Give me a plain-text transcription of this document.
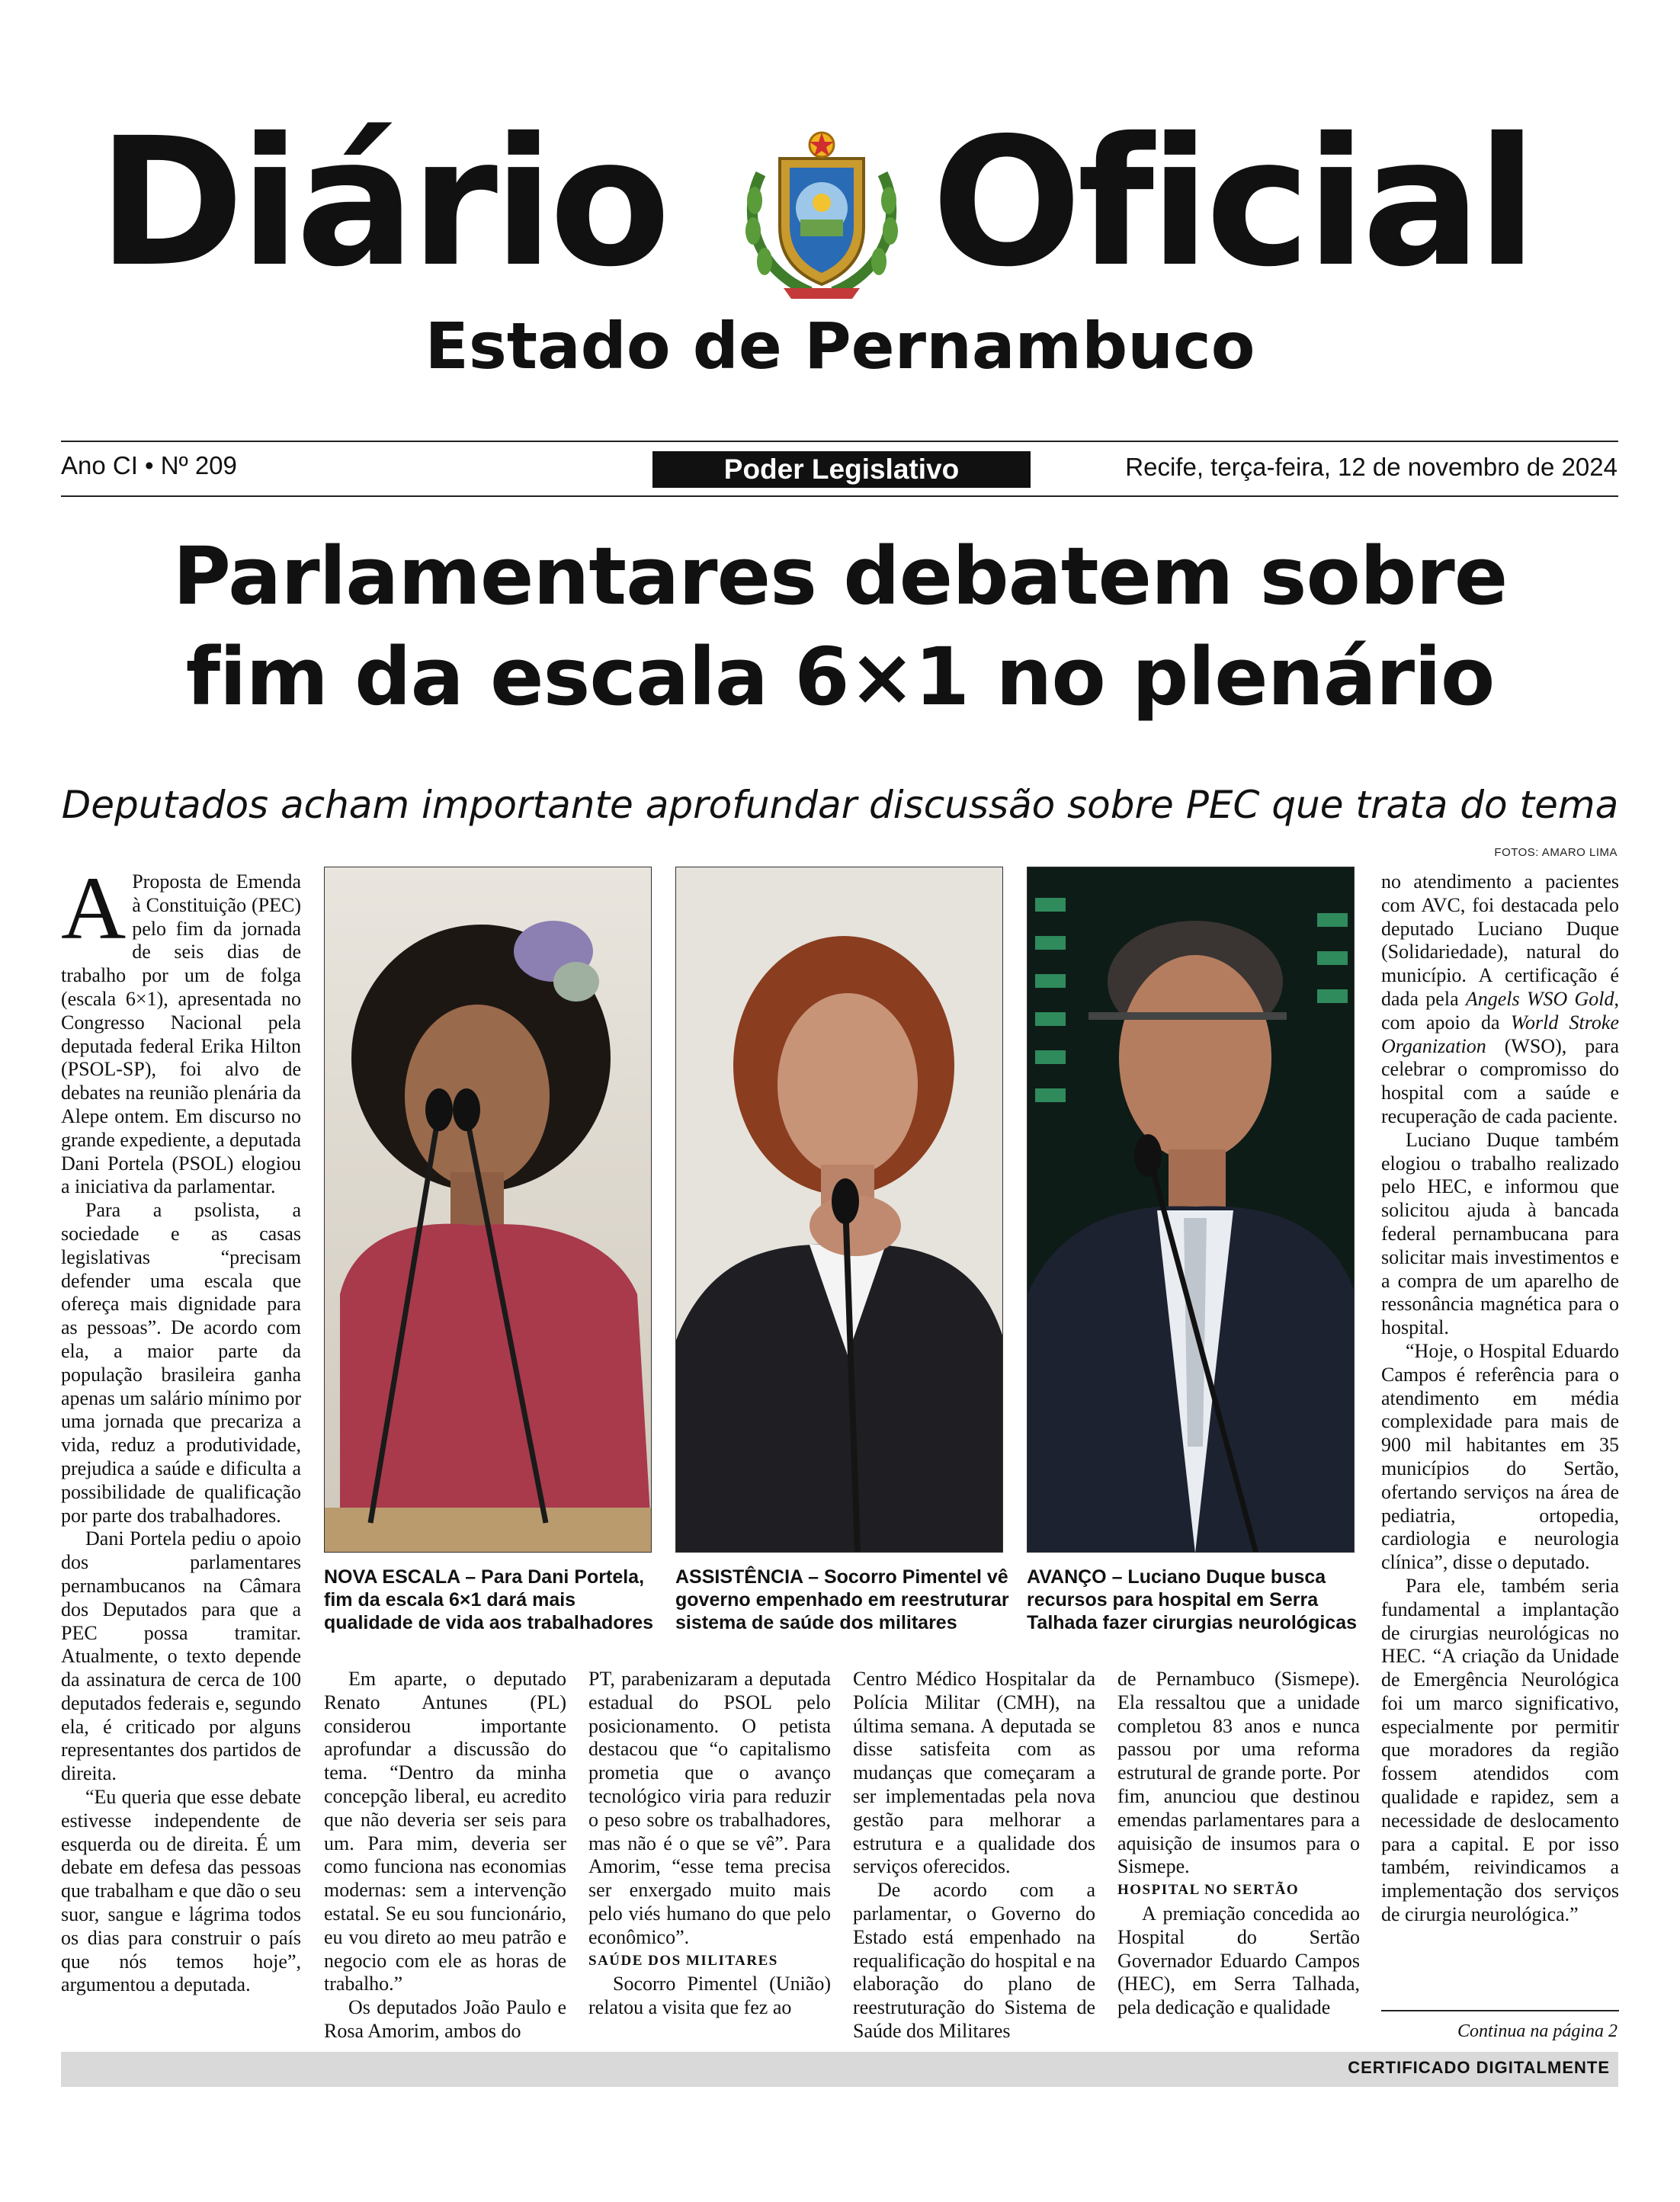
Diário Oficial
Estado de Pernambuco
Ano CI • Nº 209	Poder Legislativo	Recife, terça-feira, 12 de novembro de 2024
Parlamentares debatem sobre
fim da escala 6×1 no plenário
Deputados acham importante aprofundar discussão sobre PEC que trata do tema
FOTOS: AMARO LIMA
NOVA ESCALA – Para Dani Portela, fim da escala 6×1 dará mais qualidade de vida aos trabalhadores
ASSISTÊNCIA – Socorro Pimentel vê governo empenhado em reestruturar sistema de saúde dos militares
AVANÇO – Luciano Duque busca recursos para hospital em Serra Talhada fazer cirurgias neurológicas

A Proposta de Emenda à Constituição (PEC) pelo fim da jornada de seis dias de trabalho por um de folga (escala 6×1), apresentada no Congresso Nacional pela deputada federal Erika Hilton (PSOL-SP), foi alvo de debates na reunião plenária da Alepe ontem. Em discurso no grande expediente, a deputada Dani Portela (PSOL) elogiou a iniciativa da parlamentar.

Para a psolista, a sociedade e as casas legislativas “precisam defender uma escala que ofereça mais dignidade para as pessoas”. De acordo com ela, a maior parte da população brasileira ganha apenas um salário mínimo por uma jornada que precariza a vida, reduz a produtividade, prejudica a saúde e dificulta a possibilidade de qualificação por parte dos trabalhadores.

Dani Portela pediu o apoio dos parlamentares pernambucanos na Câmara dos Deputados para que a PEC possa tramitar. Atualmente, o texto depende da assinatura de cerca de 100 deputados federais e, segundo ela, é criticado por alguns representantes dos partidos de direita.

“Eu queria que esse debate estivesse independente de esquerda ou de direita. É um debate em defesa das pessoas que trabalham e que dão o seu suor, sangue e lágrima todos os dias para construir o país que nós temos hoje”, argumentou a deputada.

Em aparte, o deputado Renato Antunes (PL) considerou importante aprofundar a discussão do tema. “Dentro da minha concepção liberal, eu acredito que não deveria ser seis para um. Para mim, deveria ser como funciona nas economias modernas: sem a intervenção estatal. Se eu sou funcionário, eu vou direto ao meu patrão e negocio com ele as horas de trabalho.”

Os deputados João Paulo e Rosa Amorim, ambos do

PT, parabenizaram a deputada estadual do PSOL pelo posicionamento. O petista destacou que “o capitalismo prometia que o avanço tecnológico viria para reduzir o peso sobre os trabalhadores, mas não é o que se vê”. Para Amorim, “esse tema precisa ser enxergado muito mais pelo viés humano do que pelo econômico”.

SAÚDE DOS MILITARES

Socorro Pimentel (União) relatou a visita que fez ao

Centro Médico Hospitalar da Polícia Militar (CMH), na última semana. A deputada se disse satisfeita com as mudanças que começaram a ser implementadas pela nova gestão para melhorar a estrutura e a qualidade dos serviços oferecidos.

De acordo com a parlamentar, o Governo do Estado está empenhado na requalificação do hospital e na elaboração do plano de reestruturação do Sistema de Saúde dos Militares

de Pernambuco (Sismepe). Ela ressaltou que a unidade completou 83 anos e nunca passou por uma reforma estrutural de grande porte. Por fim, anunciou que destinou emendas parlamentares para a aquisição de insumos para o Sismepe.

HOSPITAL NO SERTÃO

A premiação concedida ao Hospital do Sertão Governador Eduardo Campos (HEC), em Serra Talhada, pela dedicação e qualidade

no atendimento a pacientes com AVC, foi destacada pelo deputado Luciano Duque (Solidariedade), natural do município. A certificação é dada pela Angels WSO Gold, com apoio da World Stroke Organization (WSO), para celebrar o compromisso do hospital com a saúde e recuperação de cada paciente.

Luciano Duque também elogiou o trabalho realizado pelo HEC, e informou que solicitou ajuda à bancada federal pernambucana para solicitar mais investimentos e a compra de um aparelho de ressonância magnética para o hospital.

“Hoje, o Hospital Eduardo Campos é referência para o atendimento em média complexidade para mais de 900 mil habitantes em 35 municípios do Sertão, ofertando serviços na área de pediatria, ortopedia, cardiologia e neurologia clínica”, disse o deputado.

Para ele, também seria fundamental a implantação de cirurgias neurológicas no HEC. “A criação da Unidade de Emergência Neurológica foi um marco significativo, especialmente por permitir que moradores da região fossem atendidos com qualidade e rapidez, sem a necessidade de deslocamento para a capital. E por isso também, reivindicamos a implementação dos serviços de cirurgia neurológica.”

Continua na página 2
CERTIFICADO DIGITALMENTE
